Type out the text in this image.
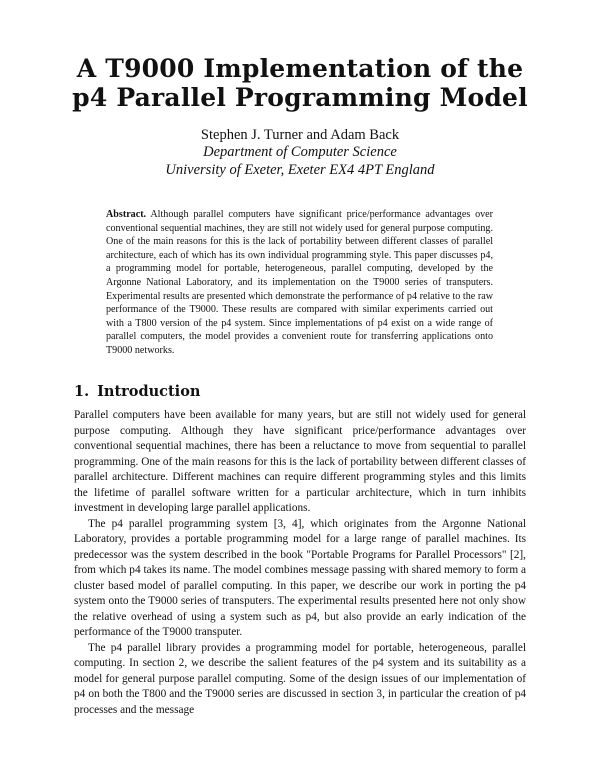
A T9000 Implementation of the
p4 Parallel Programming Model
Stephen J. Turner and Adam Back
Department of Computer Science
University of Exeter, Exeter EX4 4PT England
Abstract. Although parallel computers have significant price/performance advantages over conventional sequential machines, they are still not widely used for general purpose computing. One of the main reasons for this is the lack of portability between different classes of parallel architecture, each of which has its own individual programming style. This paper discusses p4, a programming model for portable, heterogeneous, parallel computing, developed by the Argonne National Laboratory, and its implementation on the T9000 series of transputers. Experimental results are presented which demonstrate the performance of p4 relative to the raw performance of the T9000. These results are compared with similar experiments carried out with a T800 version of the p4 system. Since implementations of p4 exist on a wide range of parallel computers, the model provides a convenient route for transferring applications onto T9000 networks.
1. Introduction

Parallel computers have been available for many years, but are still not widely used for general purpose computing. Although they have significant price/performance advantages over conventional sequential machines, there has been a reluctance to move from sequential to parallel programming. One of the main reasons for this is the lack of portability between different classes of parallel architecture. Different machines can require different programming styles and this limits the lifetime of parallel software written for a particular architecture, which in turn inhibits investment in developing large parallel applications.

The p4 parallel programming system [3, 4], which originates from the Argonne National Laboratory, provides a portable programming model for a large range of parallel machines. Its predecessor was the system described in the book "Portable Programs for Parallel Processors" [2], from which p4 takes its name. The model combines message passing with shared memory to form a cluster based model of parallel computing. In this paper, we describe our work in porting the p4 system onto the T9000 series of transputers. The experimental results presented here not only show the relative overhead of using a system such as p4, but also provide an early indication of the performance of the T9000 transputer.

The p4 parallel library provides a programming model for portable, heterogeneous, parallel computing. In section 2, we describe the salient features of the p4 system and its suitability as a model for general purpose parallel computing. Some of the design issues of our implementation of p4 on both the T800 and the T9000 series are discussed in section 3, in particular the creation of p4 processes and the message
